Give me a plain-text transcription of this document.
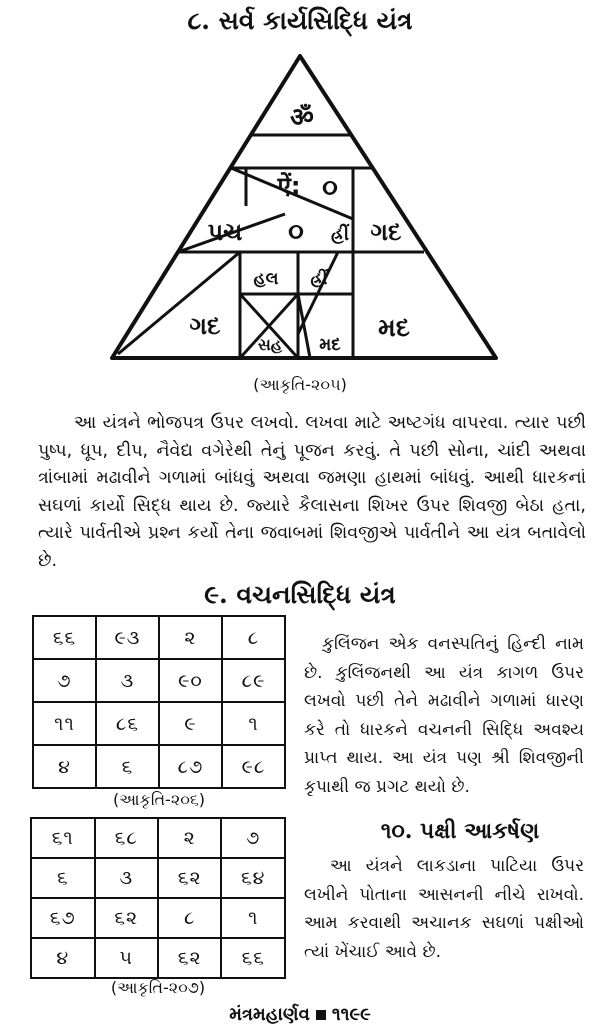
૮. સર્વ કાર્યસિદ્ધિ યંત્ર
ॐ
ऐं: ૦
પચ ૦ હ્રીં ગદ
હલ હ્રીં
ગદ
સહ મદ
મદ
(આકૃતિ-૨૦૫)

આ યંત્રને ભોજપત્ર ઉપર લખવો. લખવા માટે અષ્ટગંધ વાપરવા. ત્યાર પછી પુષ્પ, ધૂપ, દીપ, નૈવેદ્ય વગેરેથી તેનું પૂજન કરવું. તે પછી સોના, ચાંદી અથવા ત્રાંબામાં મઢાવીને ગળામાં બાંધવું અથવા જમણા હાથમાં બાંધવું. આથી ધારકનાં સઘળાં કાર્યો સિદ્ધ થાય છે. જ્યારે કૈલાસના શિખર ઉપર શિવજી બેઠા હતા, ત્યારે પાર્વતીએ પ્રશ્ન કર્યો તેના જવાબમાં શિવજીએ પાર્વતીને આ યંત્ર બતાવેલો છે.

૯. વચનસિદ્ધિ યંત્ર
૬૬	૯૩	૨	૮
૭	૩	૯૦	૮૯
૧૧	૮૬	૯	૧
૪	૬	૮૭	૯૮
(આકૃતિ-૨૦૬)

કુલિંજન એક વનસ્પતિનું હિન્દી નામ છે. કુલિંજનથી આ યંત્ર કાગળ ઉપર લખવો પછી તેને મઢાવીને ગળામાં ધારણ કરે તો ધારકને વચનની સિદ્ધિ અવશ્ય પ્રાપ્ત થાય. આ યંત્ર પણ શ્રી શિવજીની કૃપાથી જ પ્રગટ થયો છે.

૬૧	૬૮	૨	૭
૬	૩	૬૨	૬૪
૬૭	૬૨	૮	૧
૪	૫	૬૨	૬૬
(આકૃતિ-૨૦૭)
૧૦. પક્ષી આકર્ષણ

આ યંત્રને લાકડાના પાટિયા ઉપર લખીને પોતાના આસનની નીચે રાખવો. આમ કરવાથી અચાનક સઘળાં પક્ષીઓ ત્યાં ખેંચાઈ આવે છે.

મંત્રમહાર્ણવ ૧૧૯૯
